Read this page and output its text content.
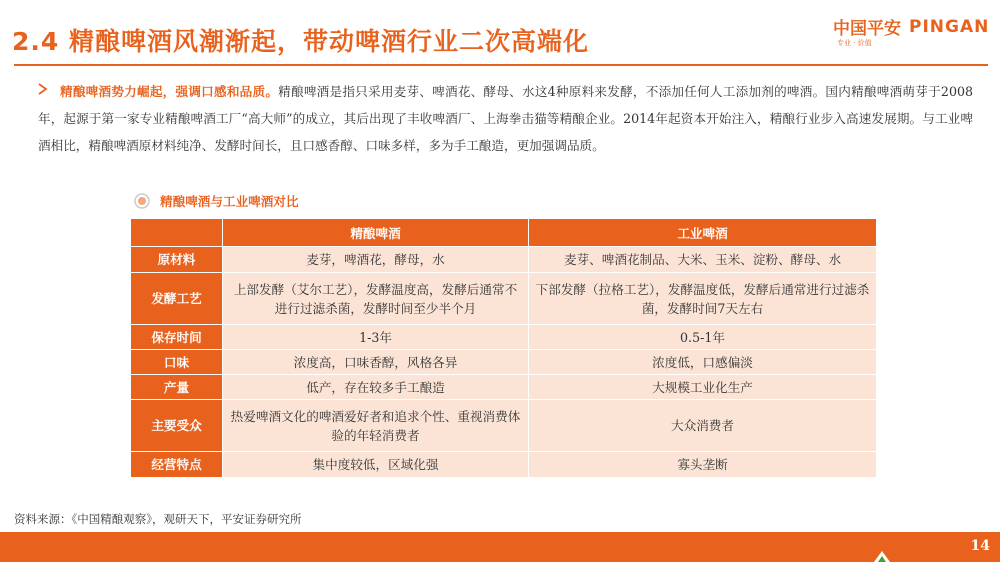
2.4 精酿啤酒风潮渐起，带动啤酒行业二次高端化	中国平安 PINGAN
专业 · 价值
精酿啤酒势力崛起，强调口感和品质。精酿啤酒是指只采用麦芽、啤酒花、酵母、水这4种原料来发酵，不添加任何人工添加剂的啤酒。国内精酿啤酒萌芽于2008年，起源于第一家专业精酿啤酒工厂“高大师”的成立，其后出现了丰收啤酒厂、上海拳击猫等精酿企业。2014年起资本开始注入，精酿行业步入高速发展期。与工业啤酒相比，精酿啤酒原材料纯净、发酵时间长，且口感香醇、口味多样，多为手工酿造，更加强调品质。
精酿啤酒与工业啤酒对比
	精酿啤酒	工业啤酒
原材料	麦芽，啤酒花，酵母，水	麦芽、啤酒花制品、大米、玉米、淀粉、酵母、水
发酵工艺	上部发酵（艾尔工艺），发酵温度高，发酵后通常不进行过滤杀菌，发酵时间至少半个月	下部发酵（拉格工艺），发酵温度低，发酵后通常进行过滤杀菌，发酵时间7天左右
保存时间	1-3年	0.5-1年
口味	浓度高，口味香醇，风格各异	浓度低，口感偏淡
产量	低产，存在较多手工酿造	大规模工业化生产
主要受众	热爱啤酒文化的啤酒爱好者和追求个性、重视消费体验的年轻消费者	大众消费者
经营特点	集中度较低，区域化强	寡头垄断
资料来源：《中国精酿观察》，观研天下，平安证券研究所
14
